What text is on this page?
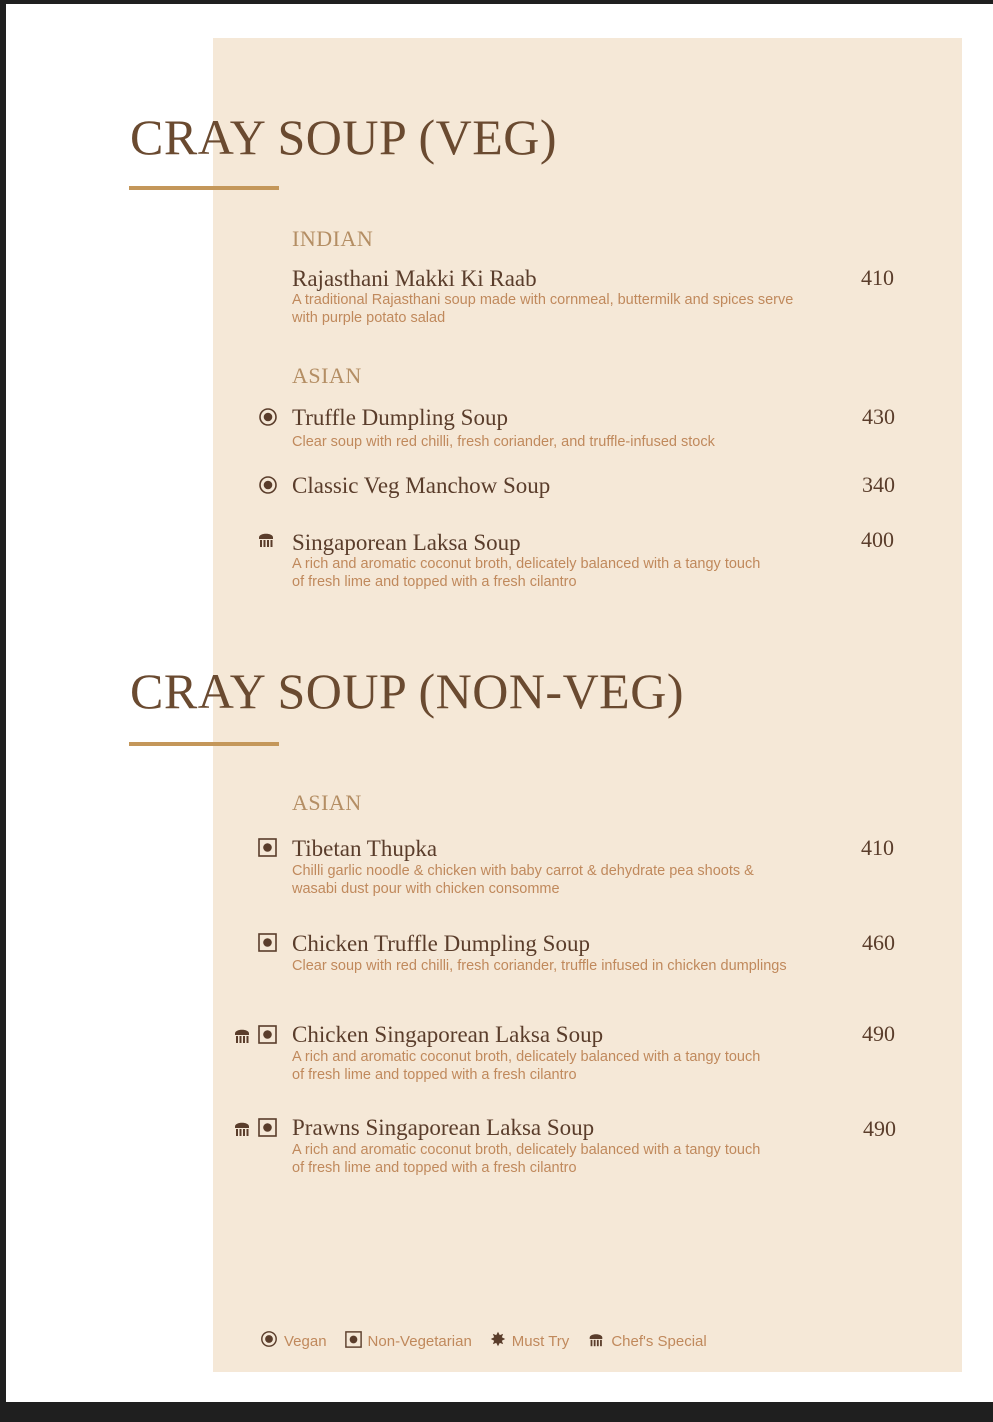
CRAY SOUP (VEG)
INDIAN
Rajasthani Makki Ki Raab	410
A traditional Rajasthani soup made with cornmeal, buttermilk and spices serve with purple potato salad
ASIAN
Truffle Dumpling Soup	430
Clear soup with red chilli, fresh coriander, and truffle-infused stock
Classic Veg Manchow Soup	340
Singaporean Laksa Soup	400
A rich and aromatic coconut broth, delicately balanced with a tangy touch of fresh lime and topped with a fresh cilantro
CRAY SOUP (NON-VEG)
ASIAN
Tibetan Thupka	410
Chilli garlic noodle & chicken with baby carrot & dehydrate pea shoots & wasabi dust pour with chicken consomme
Chicken Truffle Dumpling Soup	460
Clear soup with red chilli, fresh coriander, truffle infused in chicken dumplings
Chicken Singaporean Laksa Soup	490
A rich and aromatic coconut broth, delicately balanced with a tangy touch of fresh lime and topped with a fresh cilantro
Prawns Singaporean Laksa Soup	490
A rich and aromatic coconut broth, delicately balanced with a tangy touch of fresh lime and topped with a fresh cilantro
Vegan	Non-Vegetarian	Must Try	Chef's Special
